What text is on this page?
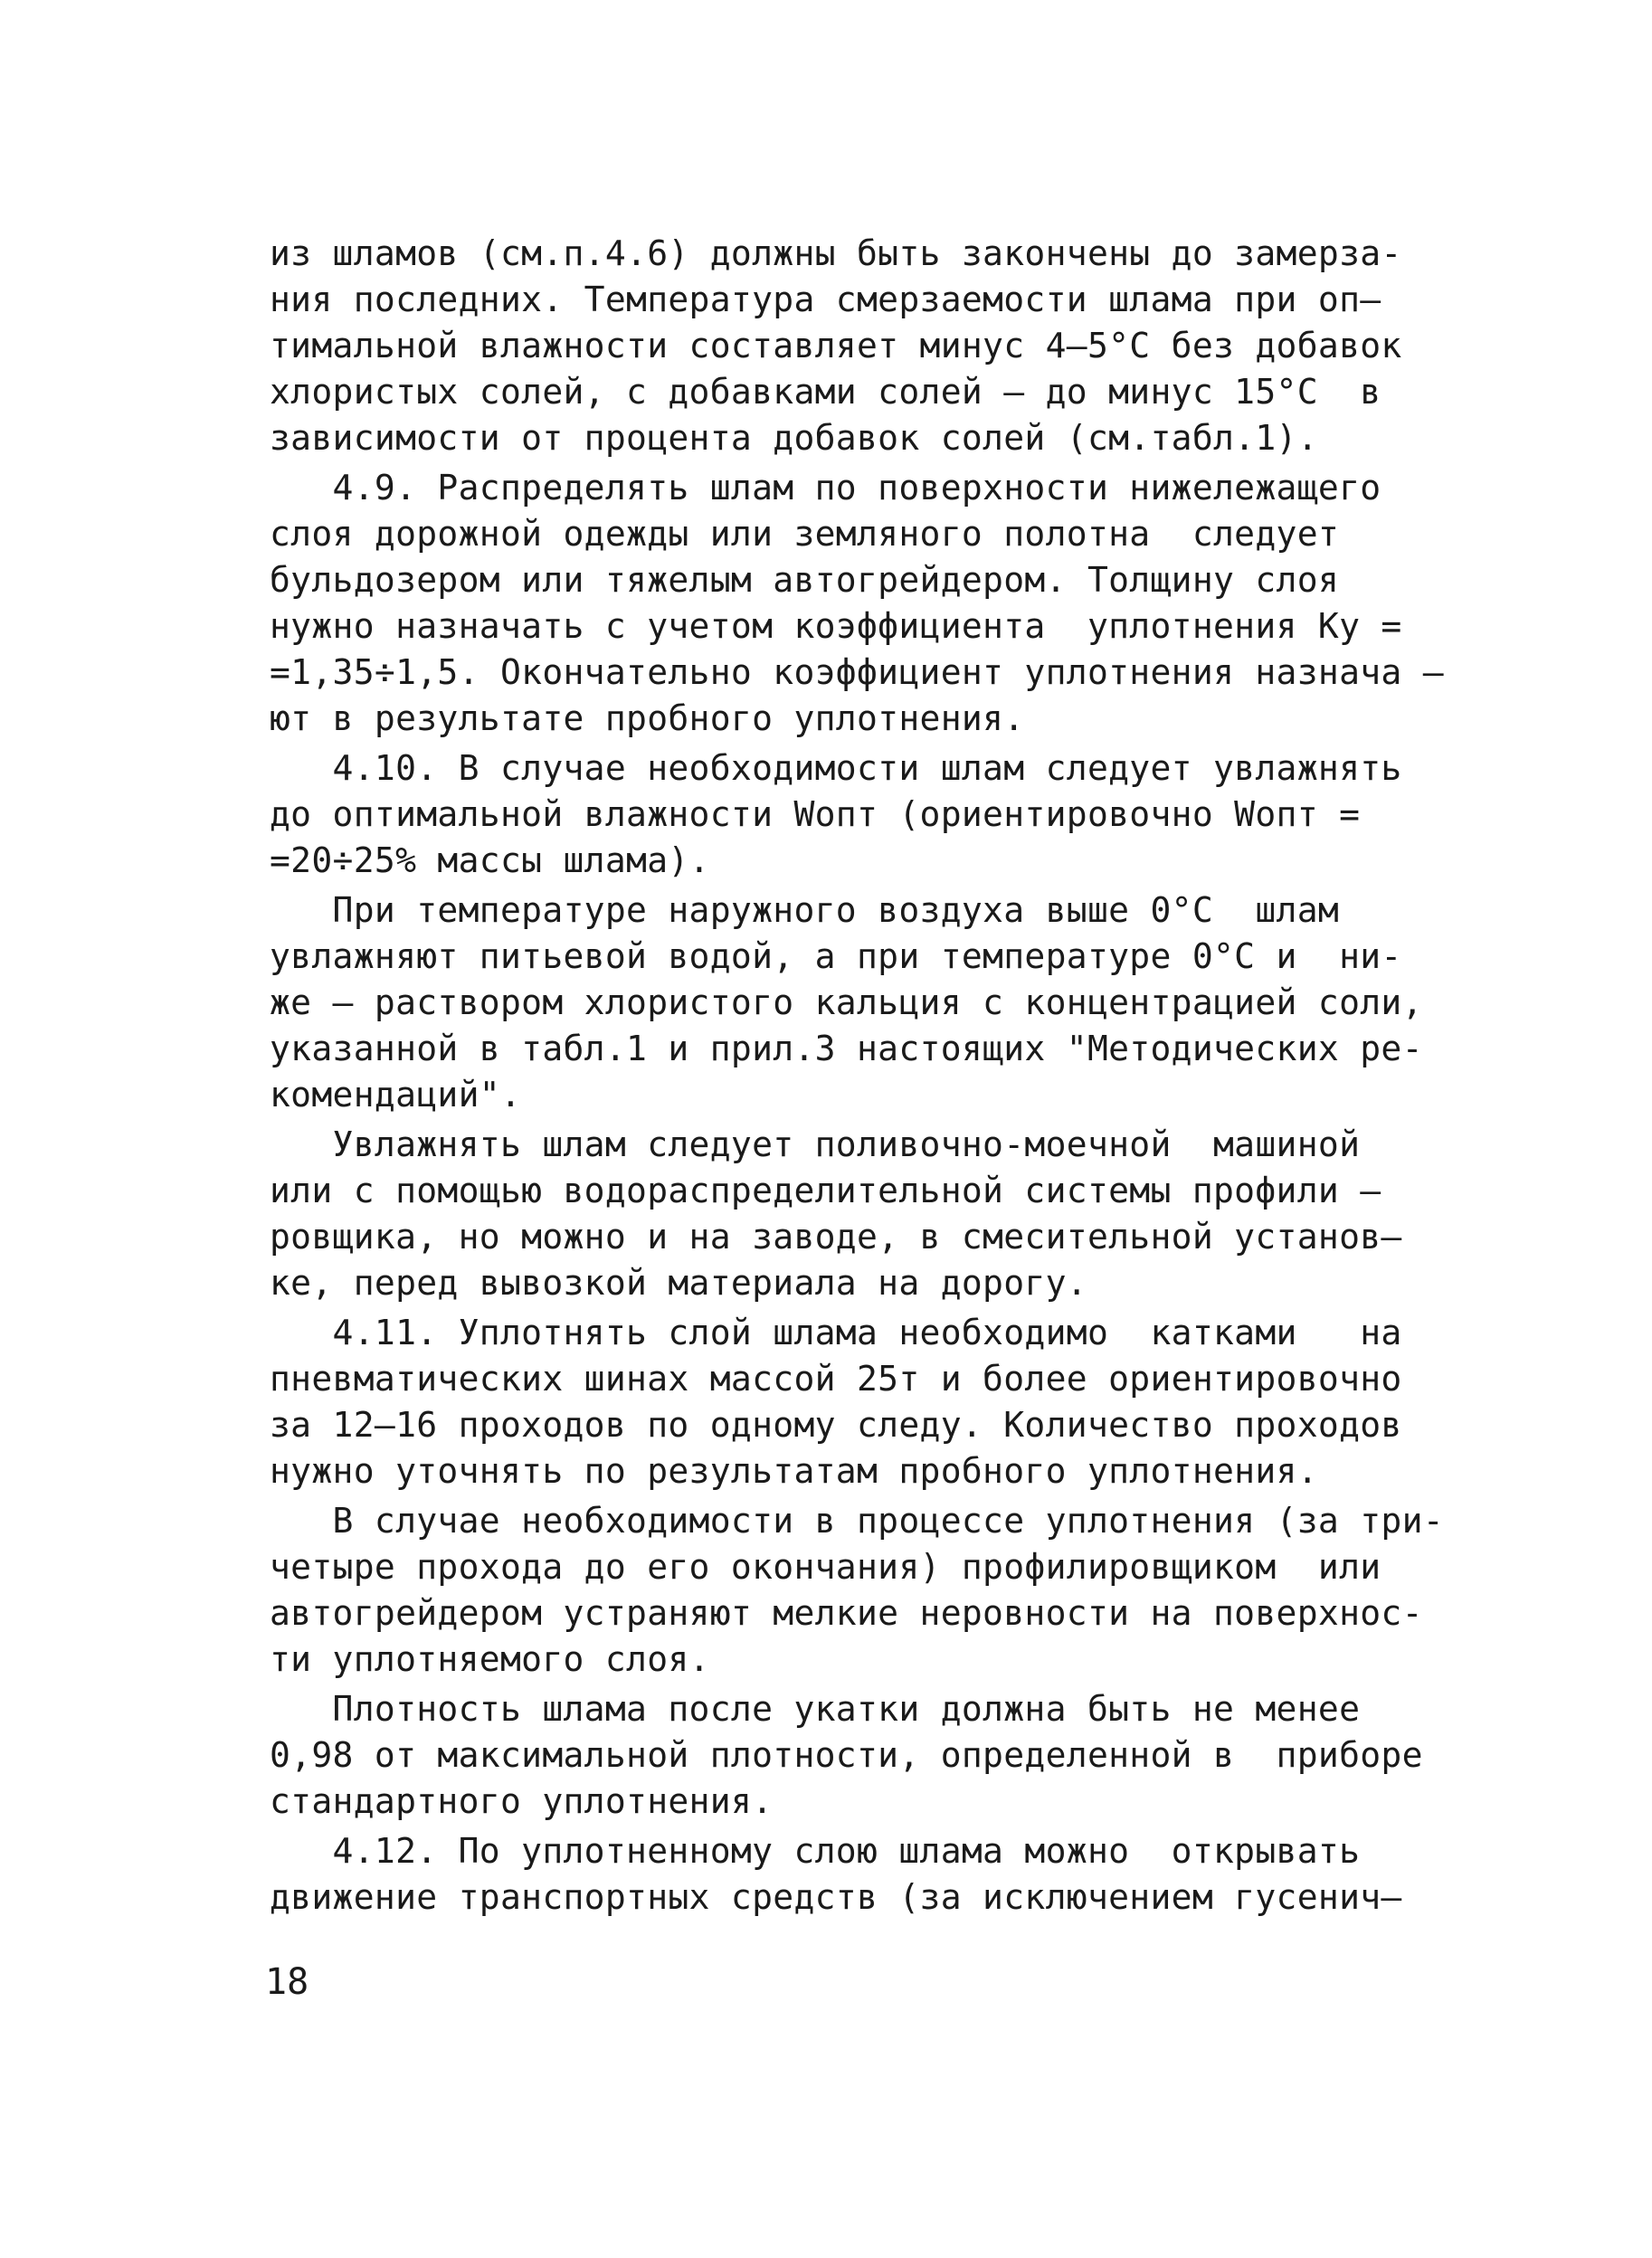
из шламов (см.п.4.6) должны быть закончены до замерза-
ния последних. Температура смерзаемости шлама при оп–
тимальной влажности составляет минус 4–5°С без добавок
хлористых солей, с добавками солей – до минус 15°С  в
зависимости от процента добавок солей (см.табл.1).
4.9. Распределять шлам по поверхности нижележащего
слоя дорожной одежды или земляного полотна  следует
бульдозером или тяжелым автогрейдером. Толщину слоя
нужно назначать с учетом коэффициента  уплотнения Kу =
=1,35÷1,5. Окончательно коэффициент уплотнения назнача –
ют в результате пробного уплотнения.
4.10. В случае необходимости шлам следует увлажнять
до оптимальной влажности Wопт (ориентировочно Wопт =
=20÷25% массы шлама).
При температуре наружного воздуха выше 0°С  шлам
увлажняют питьевой водой, а при температуре 0°С и  ни-
же – раствором хлористого кальция с концентрацией соли,
указанной в табл.1 и прил.3 настоящих "Методических ре-
комендаций".
Увлажнять шлам следует поливочно-моечной  машиной
или с помощью водораспределительной системы профили –
ровщика, но можно и на заводе, в смесительной установ–
ке, перед вывозкой материала на дорогу.
4.11. Уплотнять слой шлама необходимо  катками   на
пневматических шинах массой 25т и более ориентировочно
за 12–16 проходов по одному следу. Количество проходов
нужно уточнять по результатам пробного уплотнения.
В случае необходимости в процессе уплотнения (за три-
четыре прохода до его окончания) профилировщиком  или
автогрейдером устраняют мелкие неровности на поверхнос-
ти уплотняемого слоя.
Плотность шлама после укатки должна быть не менее
0,98 от максимальной плотности, определенной в  приборе
стандартного уплотнения.
4.12. По уплотненному слою шлама можно  открывать
движение транспортных средств (за исключением гусенич–
18
